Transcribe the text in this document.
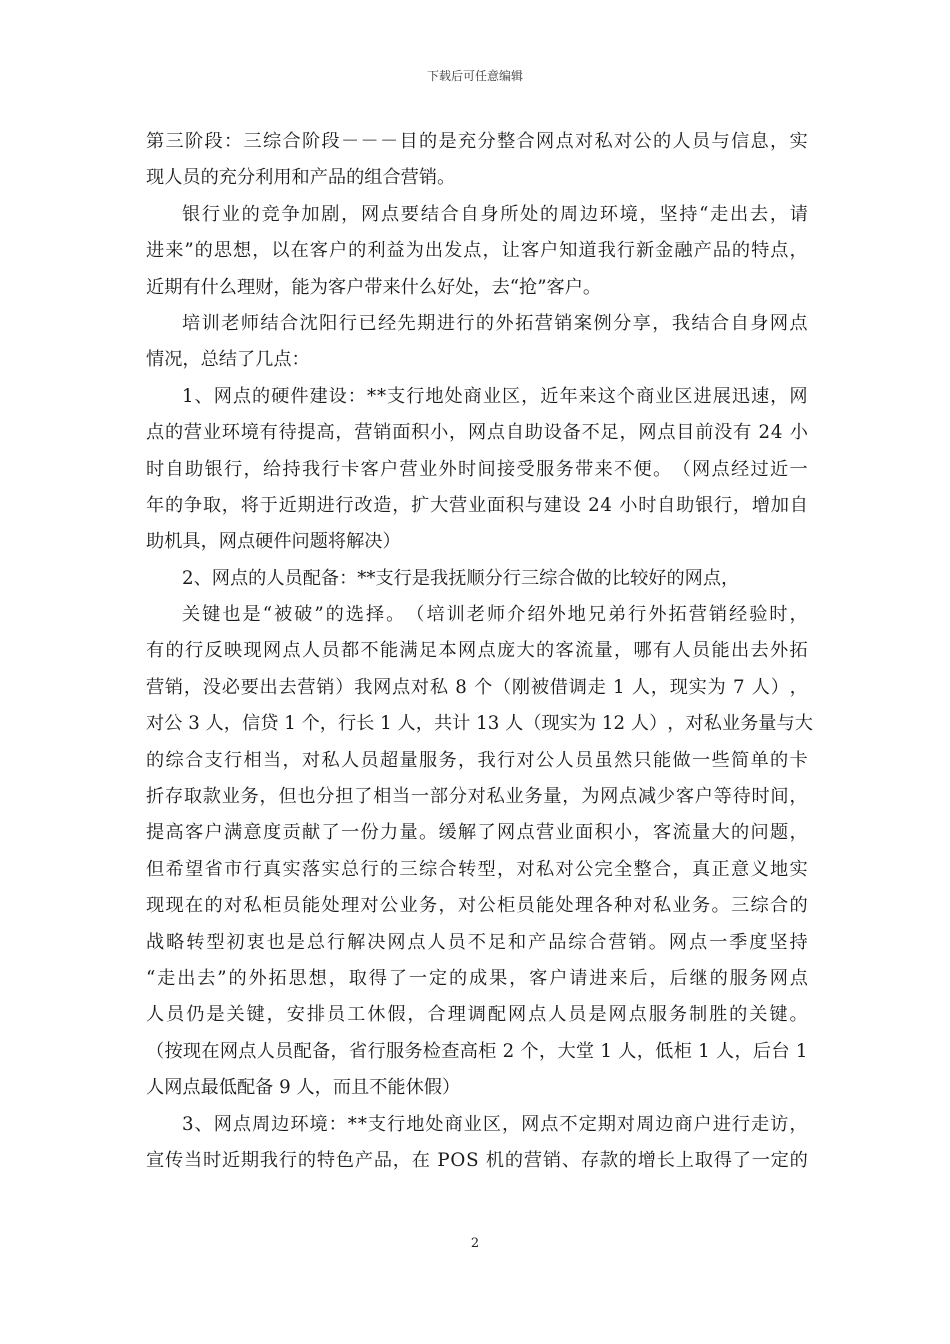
下载后可任意编辑
第 三 阶 段 ： 三 综 合 阶 段 － － － 目 的 是 充 分 整 合 网 点 对 私 对 公 的 人 员 与 信 息 ， 实
现人员的充分利用和产品的组合营销。
银 行 业 的 竞 争 加 剧 ， 网 点 要 结 合 自 身 所 处 的 周 边 环 境 ， 坚 持 “ 走 出 去 ， 请
进 来 ” 的 思 想 ， 以 在 客 户 的 利 益 为 出 发 点 ， 让 客 户 知 道 我 行 新 金 融 产 品 的 特 点 ，
近期有什么理财，能为客户带来什么好处，去“抢”客户。
培 训 老 师 结 合 沈 阳 行 已 经 先 期 进 行 的 外 拓 营 销 案 例 分 享 ， 我 结 合 自 身 网 点
情况，总结了几点：
1 、 网 点 的 硬 件 建 设 ： * * 支 行 地 处 商 业 区 ， 近 年 来 这 个 商 业 区 进 展 迅 速 ， 网
点 的 营 业 环 境 有 待 提 高 ， 营 销 面 积 小 ， 网 点 自 助 设 备 不 足 ， 网 点 目 前 没 有
2 4
小
时 自 助 银 行 ， 给 持 我 行 卡 客 户 营 业 外 时 间 接 受 服 务 带 来 不 便 。 （ 网 点 经 过 近 一
年 的 争 取 ， 将 于 近 期 进 行 改 造 ， 扩 大 营 业 面 积 与 建 设
2 4
小 时 自 助 银 行 ， 增 加 自
助机具，网点硬件问题将解决）
2、网点的人员配备：**支行是我抚顺分行三综合做的比较好的网点，
关 键 也 是 “ 被 破 ” 的 选 择 。 （ 培 训 老 师 介 绍 外 地 兄 弟 行 外 拓 营 销 经 验 时 ，
有 的 行 反 映 现 网 点 人 员 都 不 能 满 足 本 网 点 庞 大 的 客 流 量 ， 哪 有 人 员 能 出 去 外 拓
营 销 ， 没 必 要 出 去 营 销 ） 我 网 点 对 私
8
个 （ 刚 被 借 调 走
1
人 ， 现 实 为
7
人 ） ，
对 公
3
人 ， 信 贷
1
个 ， 行 长
1
人 ， 共 计
1 3
人 （ 现 实 为
1 2
人 ） ， 对 私 业 务 量 与 大
的 综 合 支 行 相 当 ， 对 私 人 员 超 量 服 务 ， 我 行 对 公 人 员 虽 然 只 能 做 一 些 简 单 的 卡
折 存 取 款 业 务 ， 但 也 分 担 了 相 当 一 部 分 对 私 业 务 量 ， 为 网 点 减 少 客 户 等 待 时 间 ，
提 高 客 户 满 意 度 贡 献 了 一 份 力 量 。 缓 解 了 网 点 营 业 面 积 小 ， 客 流 量 大 的 问 题 ，
但 希 望 省 市 行 真 实 落 实 总 行 的 三 综 合 转 型 ， 对 私 对 公 完 全 整 合 ， 真 正 意 义 地 实
现 现 在 的 对 私 柜 员 能 处 理 对 公 业 务 ， 对 公 柜 员 能 处 理 各 种 对 私 业 务 。 三 综 合 的
战 略 转 型 初 衷 也 是 总 行 解 决 网 点 人 员 不 足 和 产 品 综 合 营 销 。 网 点 一 季 度 坚 持
“ 走 出 去 ” 的 外 拓 思 想 ， 取 得 了 一 定 的 成 果 ， 客 户 请 进 来 后 ， 后 继 的 服 务 网 点
人 员 仍 是 关 键 ， 安 排 员 工 休 假 ， 合 理 调 配 网 点 人 员 是 网 点 服 务 制 胜 的 关 键 。
（ 按 现 在 网 点 人 员 配 备 ， 省 行 服 务 检 查 高 柜
2
个 ， 大 堂
1
人 ， 低 柜
1
人 ， 后 台
1
人网点最低配备 9 人，而且不能休假）
3 、 网 点 周 边 环 境 ： * * 支 行 地 处 商 业 区 ， 网 点 不 定 期 对 周 边 商 户 进 行 走 访 ，
宣 传 当 时 近 期 我 行 的 特 色 产 品 ， 在
P O S
机 的 营 销 、 存 款 的 增 长 上 取 得 了 一 定 的
2
